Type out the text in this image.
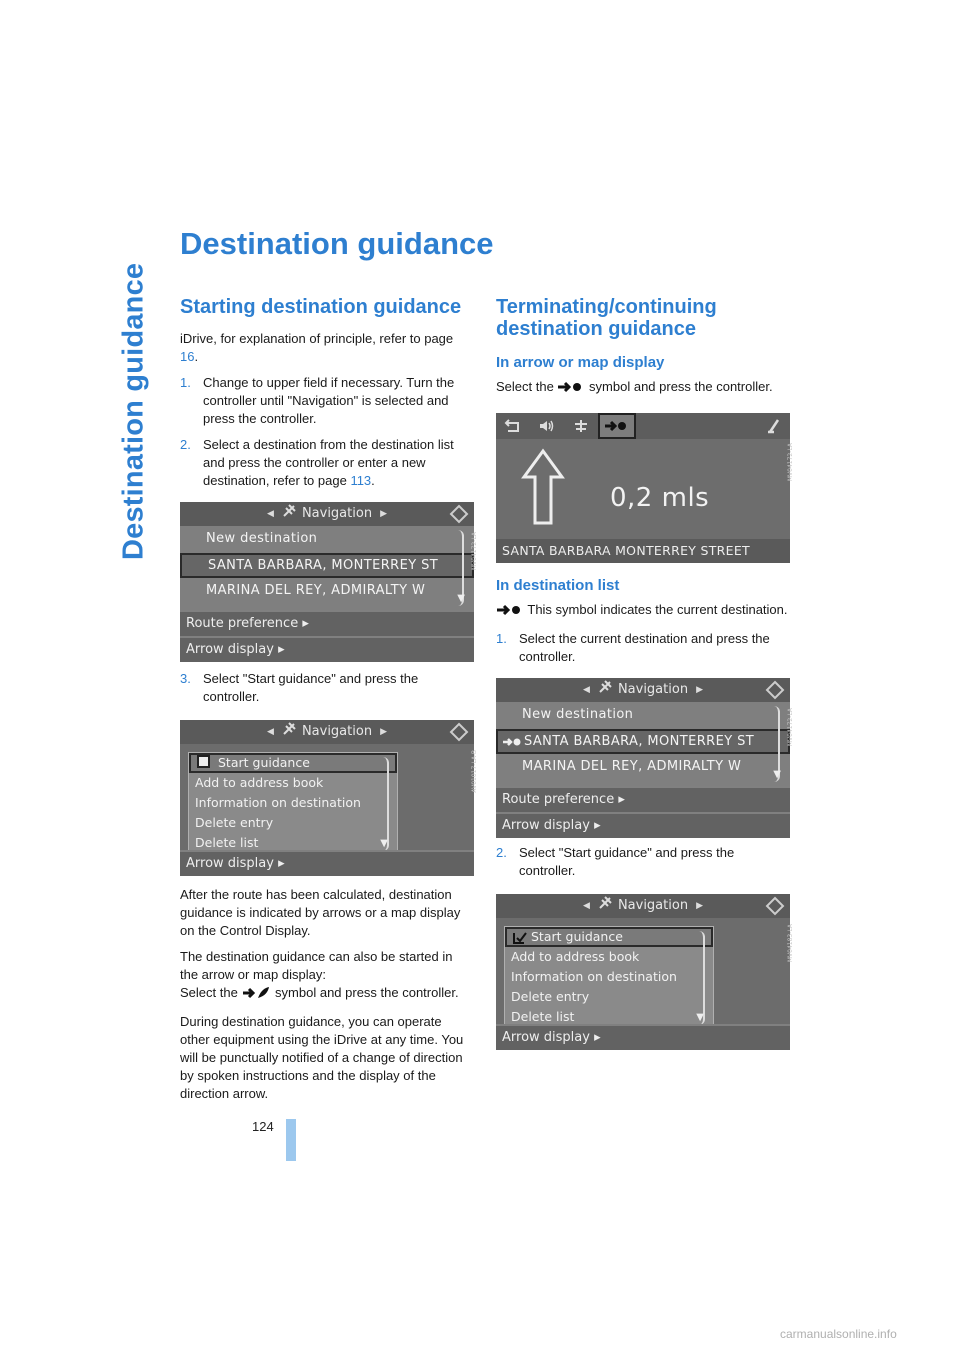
Destination guidance
Destination guidance
Starting destination guidance

iDrive, for explanation of principle, refer to page 16.

1. Change to upper field if necessary. Turn the controller until "Navigation" is selected and press the controller.
2. Select a destination from the destination list and press the controller or enter a new destination, refer to page 113.
◀ Navigation ▶
New destination
SANTA BARBARA, MONTERREY ST
MARINA DEL REY, ADMIRALTY W
▼
Route preference ▸
Arrow display ▸
MV04172-LA
3. Select "Start guidance" and press the controller.
◀ Navigation ▶
Start guidance
Add to address book
Information on destination
Delete entry
Delete list	▼
Arrow display ▸
AV01017-LA-B

After the route has been calculated, destination guidance is indicated by arrows or a map display on the Control Display.

The destination guidance can also be started in the arrow or map display:
Select the  symbol and press the controller.

During destination guidance, you can operate other equipment using the iDrive at any time. You will be punctually notified of a change of direction by spoken instructions and the display of the direction arrow.

Terminating/continuing destination guidance
In arrow or map display

Select the  symbol and press the controller.

0,2 mls
SANTA BARBARA MONTERREY STREET
MV04172-LA
In destination list

This symbol indicates the current destination.

1. Select the current destination and press the controller.
◀ Navigation ▶
New destination
SANTA BARBARA, MONTERREY ST
MARINA DEL REY, ADMIRALTY W
▼
Route preference ▸
Arrow display ▸
MV04172-LA
2. Select "Start guidance" and press the controller.
◀ Navigation ▶
Start guidance
Add to address book
Information on destination
Delete entry
Delete list	▼
Arrow display ▸
MV04183-LA
124
carmanualsonline.info
